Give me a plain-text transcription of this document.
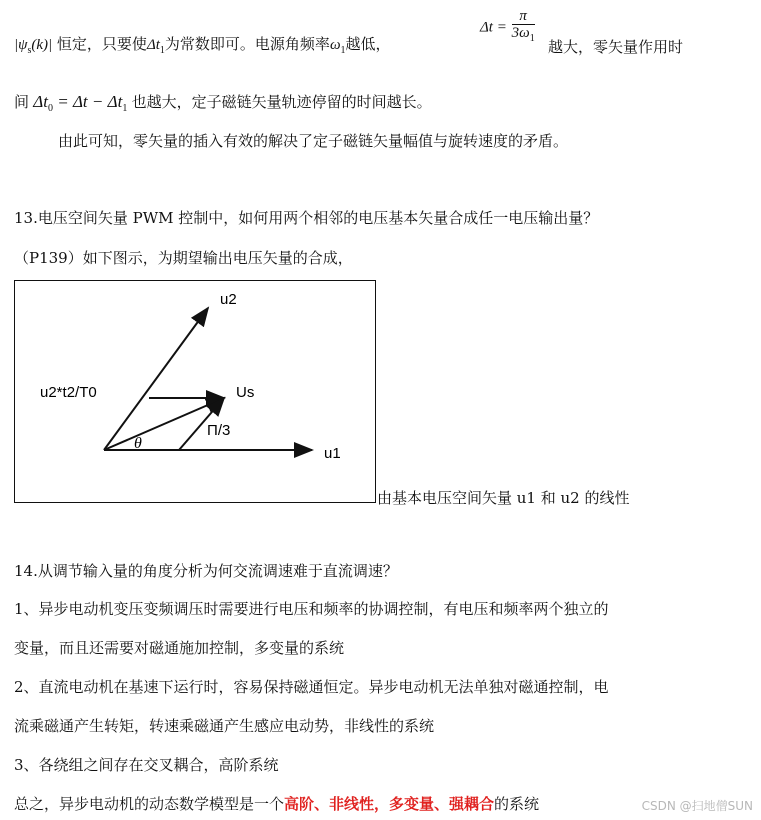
$|\psi_s(k)|$ 恒定，只要使$\Delta t_1$为常数即可。电源角频率$\omega_1$越低，
$\Delta t = \frac{\pi}{3\omega_1}$ 越大，零矢量作用时
间 $\Delta t_0 = \Delta t - \Delta t_1$ 也越大，定子磁链矢量轨迹停留的时间越长。
由此可知，零矢量的插入有效的解决了定子磁链矢量幅值与旋转速度的矛盾。
13.电压空间矢量 PWM 控制中，如何用两个相邻的电压基本矢量合成任一电压输出量？
（P139）如下图示，为期望输出电压矢量的合成，
u2
Us
u1
u2*t2/T0
Π/3
θ
由基本电压空间矢量 u1 和 u2 的线性
14.从调节输入量的角度分析为何交流调速难于直流调速？
1、异步电动机变压变频调压时需要进行电压和频率的协调控制，有电压和频率两个独立的
变量，而且还需要对磁通施加控制，多变量的系统
2、直流电动机在基速下运行时，容易保持磁通恒定。异步电动机无法单独对磁通控制，电
流乘磁通产生转矩，转速乘磁通产生感应电动势，非线性的系统
3、各绕组之间存在交叉耦合，高阶系统
总之，异步电动机的动态数学模型是一个高阶、非线性，多变量、强耦合的系统	CSDN @扫地僧SUN
